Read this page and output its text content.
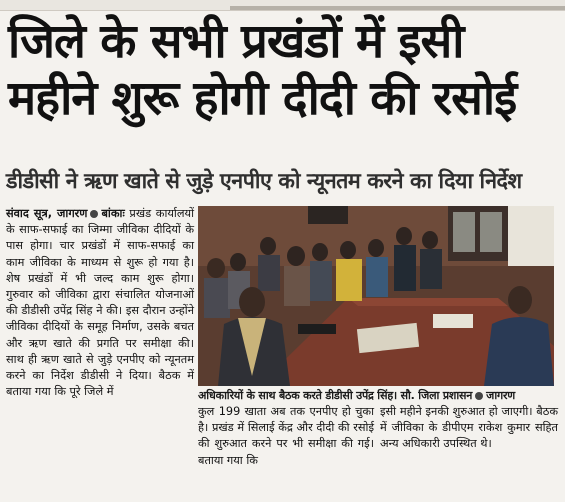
जिले के सभी प्रखंडों में इसी
महीने शुरू होगी दीदी की रसोई
डीडीसी ने ऋण खाते से जुड़े एनपीए को न्यूनतम करने का दिया निर्देश
संवाद सूत्र, जागरण बांकाः प्रखंड कार्यालयों के साफ-सफाई का जिम्मा जीविका दीदियों के पास होगा। चार प्रखंडों में साफ-सफाई का काम जीविका के माध्यम से शुरू हो गया है। शेष प्रखंडों में भी जल्द काम शुरू होगा। गुरुवार को जीविका द्वारा संचालित योजनाओं की डीडीसी उपेंद्र सिंह ने की। इस दौरान उन्होंने जीविका दीदियों के समूह निर्माण, उसके बचत और ऋण खाते की प्रगति पर समीक्षा की। साथ ही ऋण खाते से जुड़े एनपीए को न्यूनतम करने का निर्देश डीडीसी ने दिया। बैठक में बताया गया कि पूरे जिले में	अधिकारियों के साथ बैठक करते डीडीसी उपेंद्र सिंह। सौ. जिला प्रशासन जागरण
कुल 199 खाता अब तक एनपीए हो चुका है। प्रखंड में सिलाई केंद्र और दीदी की रसोई की शुरुआत करने पर भी समीक्षा की गई। बताया गया कि
इसी महीने इनकी शुरुआत हो जाएगी। बैठक में जीविका के डीपीएम राकेश कुमार सहित अन्य अधिकारी उपस्थित थे।
